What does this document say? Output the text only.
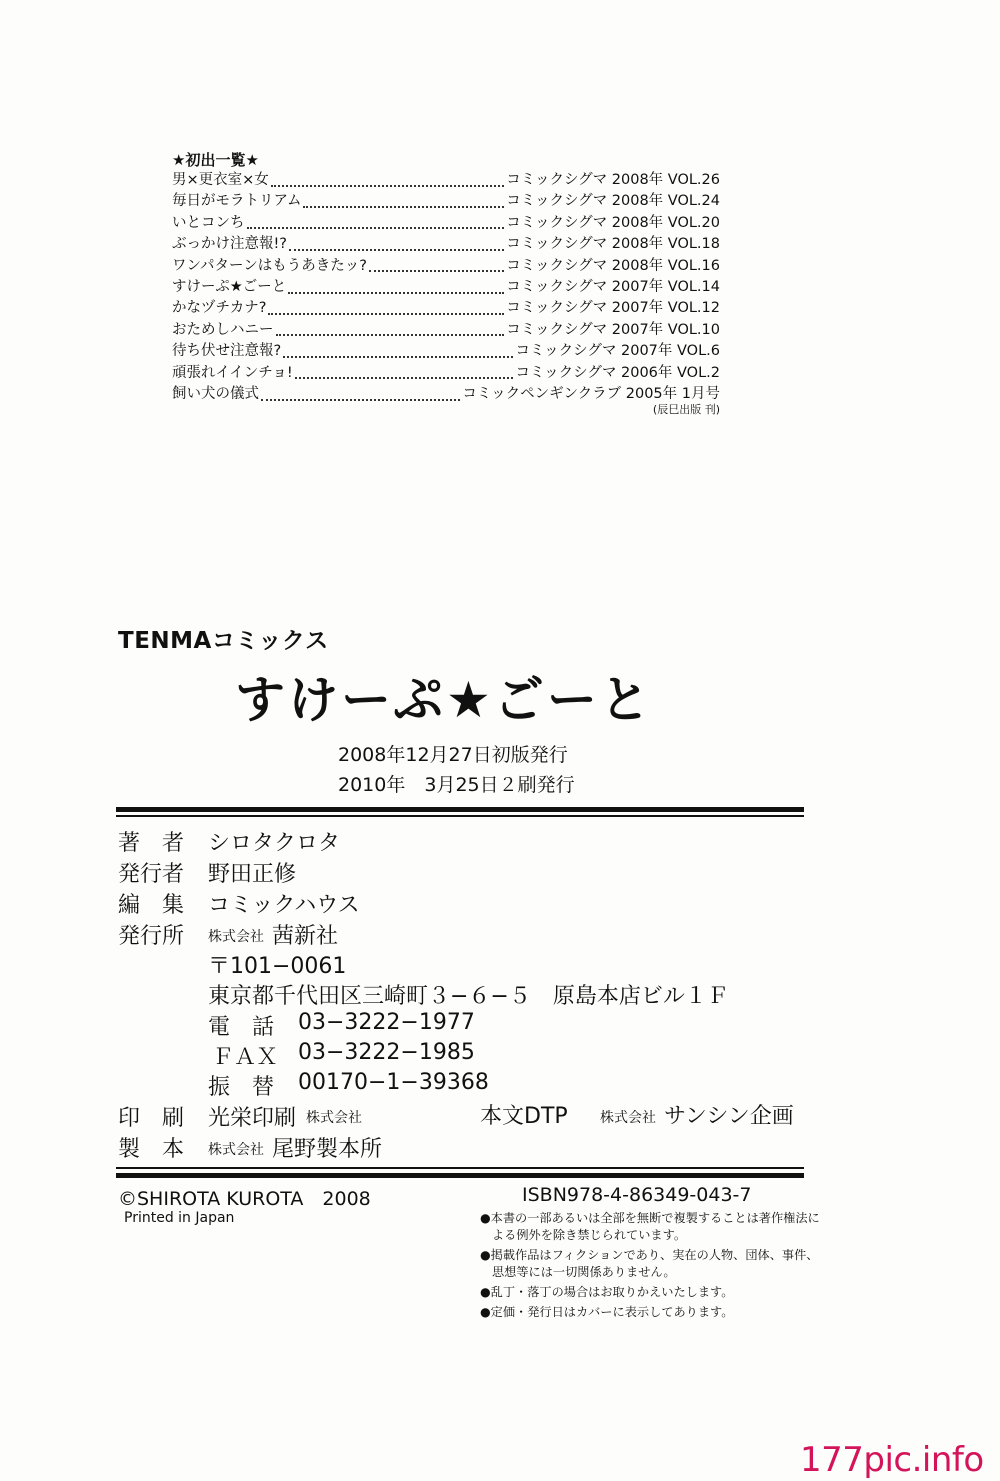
★初出一覧★
男×更衣室×女	コミックシグマ 2008年 VOL.26
毎日がモラトリアム	コミックシグマ 2008年 VOL.24
いとコンち	コミックシグマ 2008年 VOL.20
ぶっかけ注意報!?	コミックシグマ 2008年 VOL.18
ワンパターンはもうあきたッ?	コミックシグマ 2008年 VOL.16
すけーぷ★ごーと	コミックシグマ 2007年 VOL.14
かなヅチカナ?	コミックシグマ 2007年 VOL.12
おためしハニー	コミックシグマ 2007年 VOL.10
待ち伏せ注意報?	コミックシグマ 2007年 VOL.6
頑張れイインチョ!	コミックシグマ 2006年 VOL.2
飼い犬の儀式	コミックペンギンクラブ 2005年 1月号
(辰巳出版 刊)
TENMAコミックス
すけーぷ★ごーと
2008年12月27日初版発行
2010年　3月25日２刷発行
著　者 シロタクロタ
発行者 野田正修
編　集 コミックハウス
発行所 株式会社 茜新社
〒101−0061
東京都千代田区三崎町３−６−５　原島本店ビル１Ｆ
電　話 03−3222−1977
ＦＡＸ 03−3222−1985
振　替 00170−1−39368
印　刷 光栄印刷 株式会社	本文DTP 株式会社 サンシン企画
製　本 株式会社 尾野製本所
©SHIROTA KUROTA　2008	ISBN978-4-86349-043-7
Printed in Japan	●本書の一部あるいは全部を無断で複製することは著作権法による例外を除き禁じられています。
●掲載作品はフィクションであり、実在の人物、団体、事件、思想等には一切関係ありません。
●乱丁・落丁の場合はお取りかえいたします。
●定価・発行日はカバーに表示してあります。
177pic.info
